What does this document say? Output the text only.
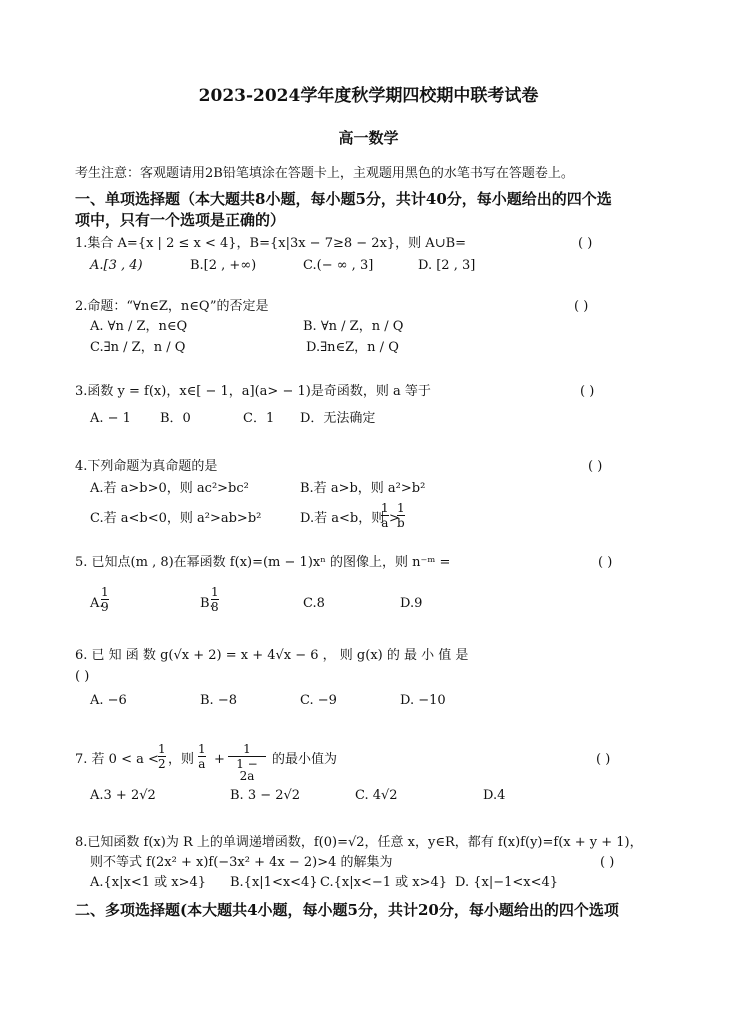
2023-2024学年度秋学期四校期中联考试卷
高一数学
考生注意：客观题请用2B铅笔填涂在答题卡上，主观题用黑色的水笔书写在答题卷上。
一、单项选择题（本大题共8小题，每小题5分，共计40分，每小题给出的四个选
项中，只有一个选项是正确的）
1.集合 A={x | 2 ≤ x < 4}，B={x|3x − 7≥8 − 2x}，则 A∪B=	( )
A.[3 , 4)	B.[2 , +∞)	C.(− ∞ , 3]	D. [2 , 3]
2.命题：“∀n∈Z，n∈Q”的否定是	( )
A. ∀n ∕ Z，n∈Q	B. ∀n ∕ Z，n ∕ Q
C.∃n ∕ Z，n ∕ Q	D.∃n∈Z，n ∕ Q
3.函数 y = f(x)，x∈[ − 1，a](a> − 1)是奇函数，则 a 等于	( )
A. − 1 B．0	C．1 D．无法确定
4.下列命题为真命题的是	( )
A.若 a>b>0，则 ac²>bc²	B.若 a>b，则 a²>b²
C.若 a<b<0，则 a²>ab>b²	D.若 a<b，则
1
a >
1
b
5. 已知点(m , 8)在幂函数 f(x)=(m − 1)xⁿ 的图像上，则 n⁻ᵐ =	( )
A.
1
9	B.
1
8	C.8	D.9
6. 已 知 函 数 g(√x + 2) = x + 4√x − 6 ， 则 g(x) 的 最 小 值 是
( )
A. −6	B. −8	C. −9	D. −10
7. 若 0 < a <
1
2 ，则
1
a +
1
1 − 2a
的最小值为	( )
A.3 + 2√2	B. 3 − 2√2	C. 4√2	D.4
8.已知函数 f(x)为 R 上的单调递增函数，f(0)=√2，任意 x，y∈R，都有 f(x)f(y)=f(x + y + 1)，
则不等式 f(2x² + x)f(−3x² + 4x − 2)>4 的解集为	( )
A.{x|x<1 或 x>4} B.{x|1<x<4} C.{x|x<−1 或 x>4} D. {x|−1<x<4}
二、多项选择题(本大题共4小题，每小题5分，共计20分，每小题给出的四个选项
